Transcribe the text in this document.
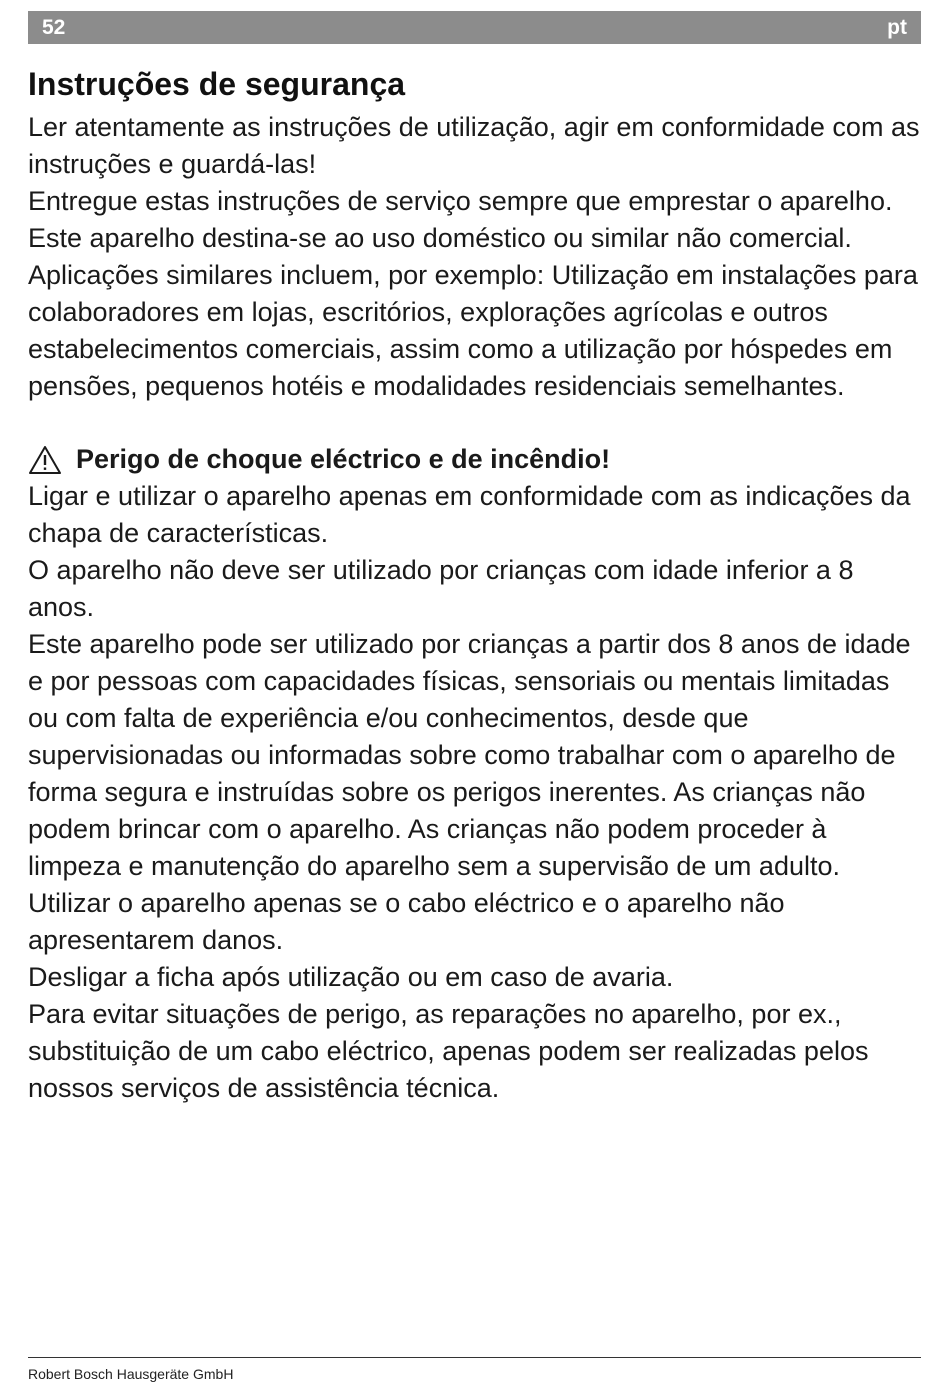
52	pt
Instruções de segurança

Ler atentamente as instruções de utilização, agir em conformidade com as instruções e guardá-las!

Entregue estas instruções de serviço sempre que emprestar o aparelho.

Este aparelho destina-se ao uso doméstico ou similar não comercial. Aplicações similares incluem, por exemplo: Utilização em instalações para colaboradores em lojas, escritórios, explorações agrícolas e outros estabelecimentos comerciais, assim como a utilização por hóspedes em pensões, pequenos hotéis e modalidades residenciais semelhantes.

Perigo de choque eléctrico e de incêndio!

Ligar e utilizar o aparelho apenas em conformidade com as indicações da chapa de características.

O aparelho não deve ser utilizado por crianças com idade inferior a 8 anos.

Este aparelho pode ser utilizado por crianças a partir dos 8 anos de idade e por pessoas com capacidades físicas, sensoriais ou mentais limitadas ou com falta de experiência e/ou conhecimentos, desde que supervisionadas ou informadas sobre como trabalhar com o aparelho de forma segura e instruídas sobre os perigos inerentes. As crianças não podem brincar com o aparelho. As crianças não podem proceder à limpeza e manutenção do aparelho sem a supervisão de um adulto.

Utilizar o aparelho apenas se o cabo eléctrico e o aparelho não apresentarem danos.

Desligar a ficha após utilização ou em caso de avaria.

Para evitar situações de perigo, as reparações no aparelho, por ex., substituição de um cabo eléctrico, apenas podem ser realizadas pelos nossos serviços de assistência técnica.

Robert Bosch Hausgeräte GmbH
